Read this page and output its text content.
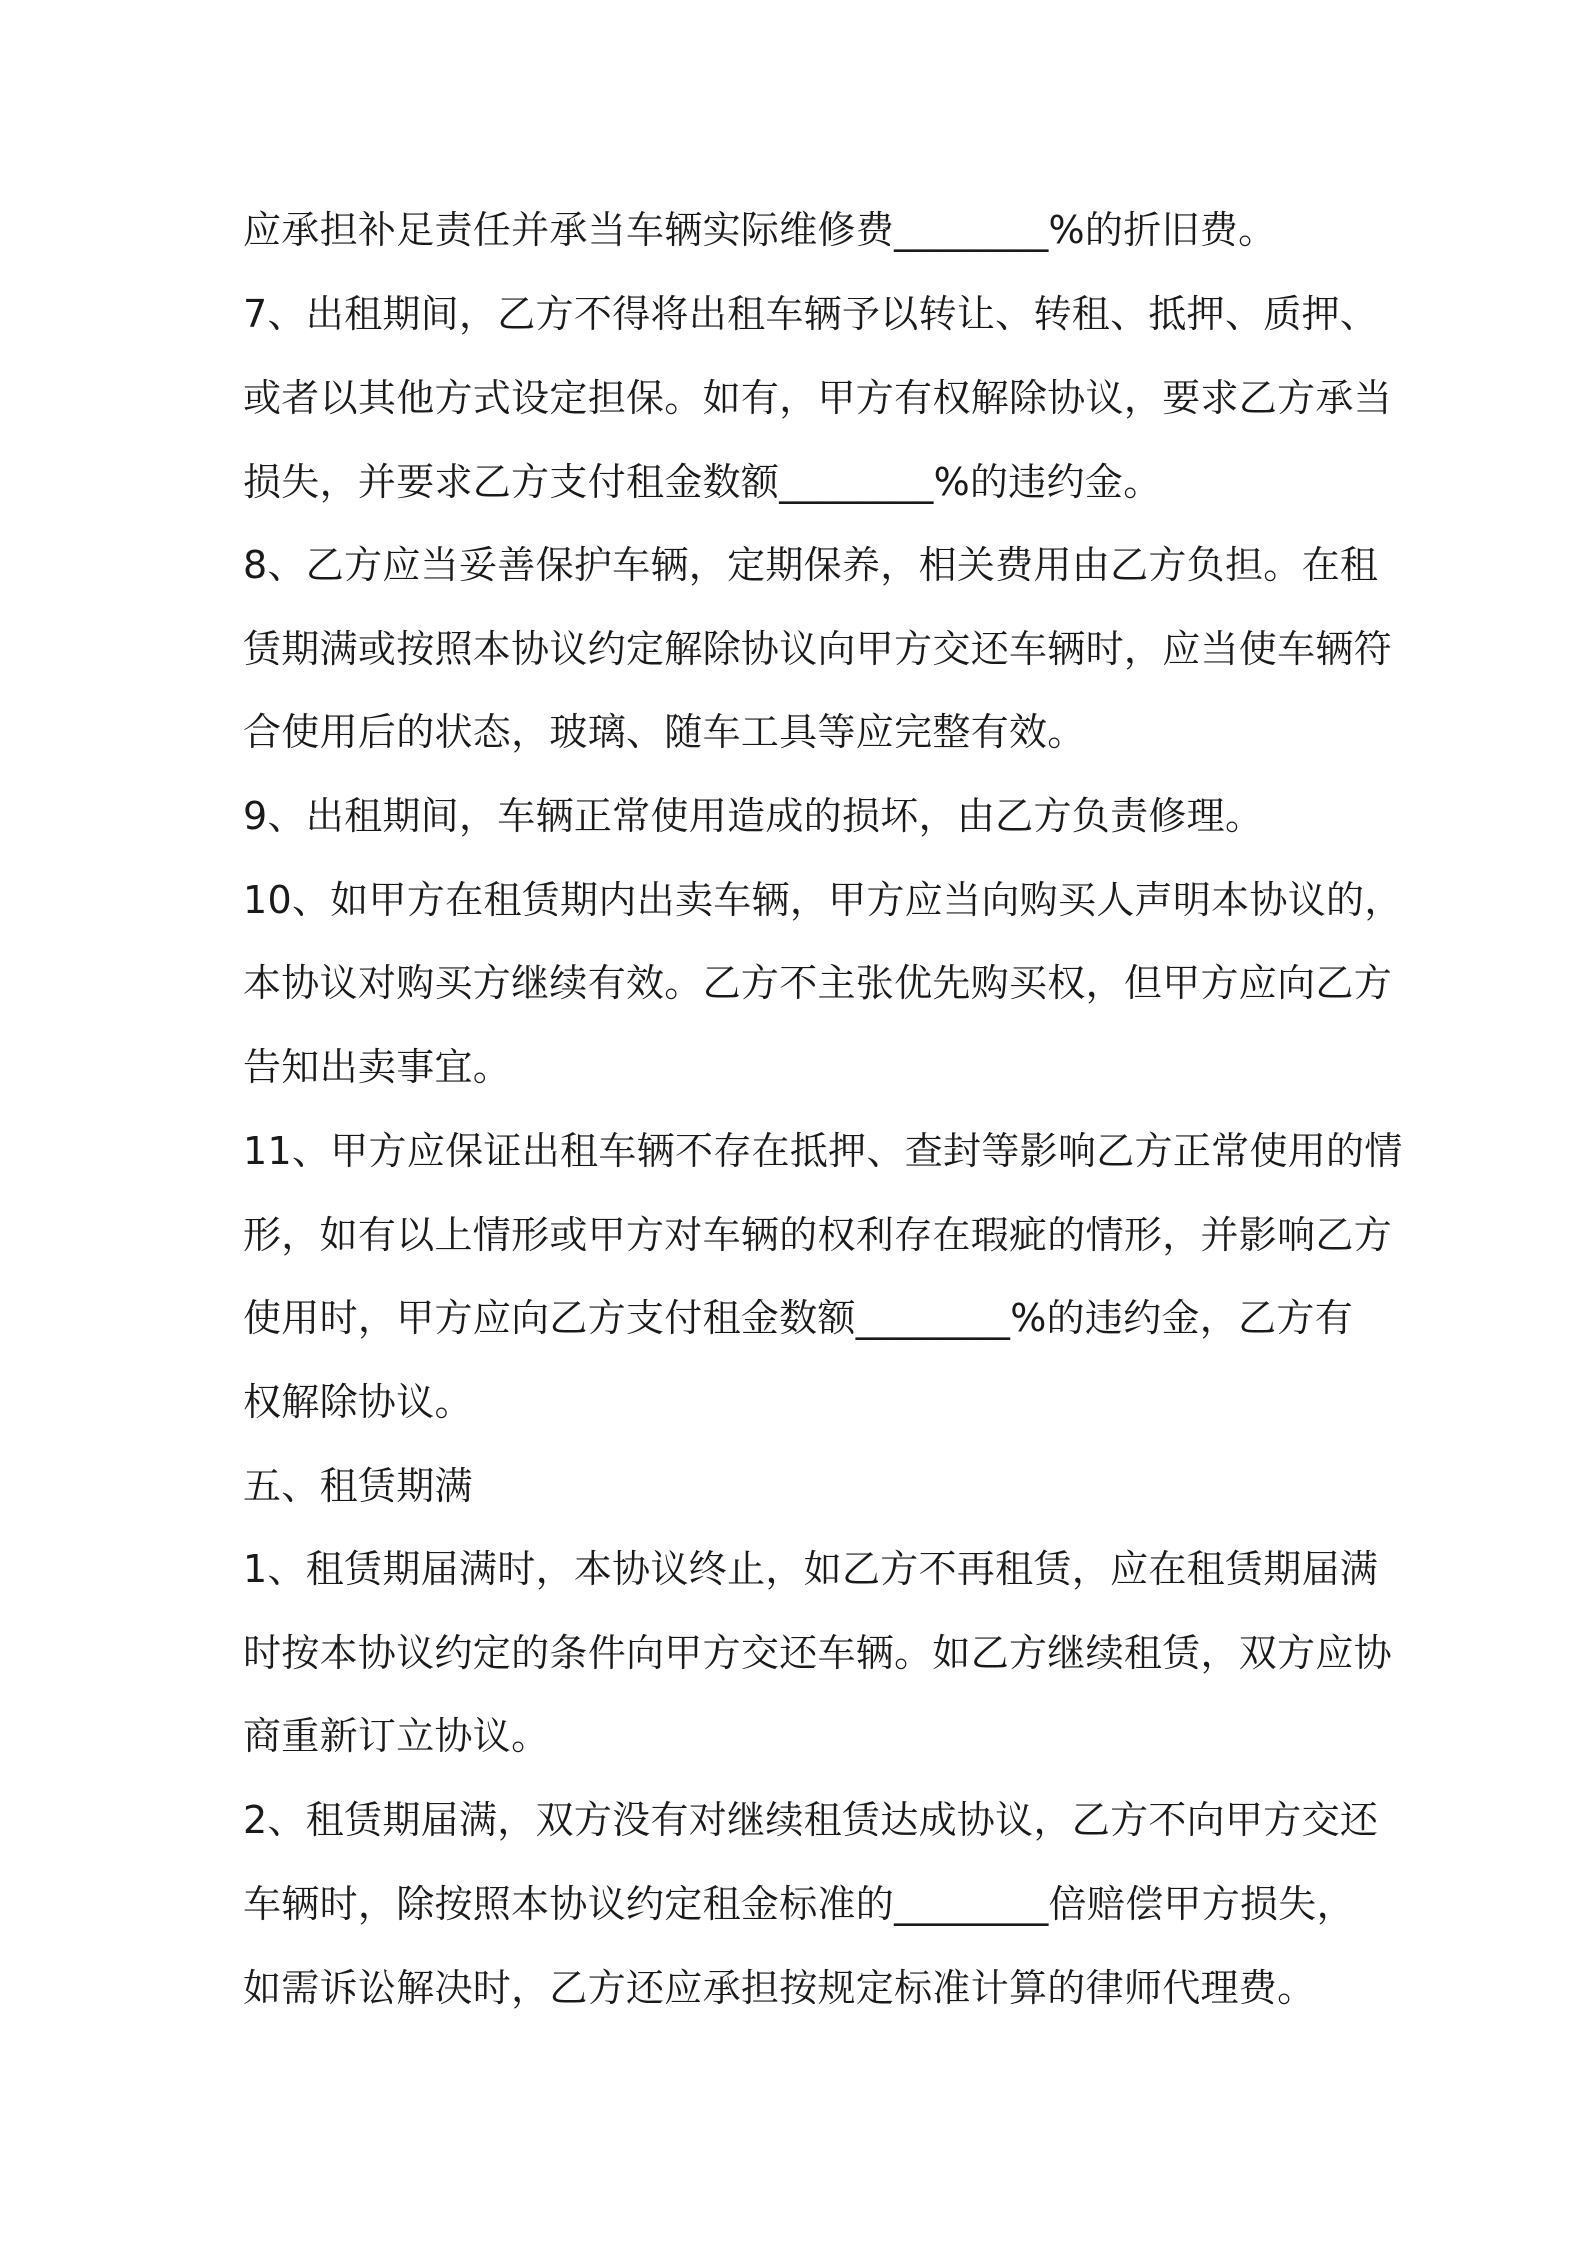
应承担补足责任并承当车辆实际维修费________%的折旧费。
7、出租期间，乙方不得将出租车辆予以转让、转租、抵押、质押、
或者以其他方式设定担保。如有，甲方有权解除协议，要求乙方承当
损失，并要求乙方支付租金数额________%的违约金。
8、乙方应当妥善保护车辆，定期保养，相关费用由乙方负担。在租
赁期满或按照本协议约定解除协议向甲方交还车辆时，应当使车辆符
合使用后的状态，玻璃、随车工具等应完整有效。
9、出租期间，车辆正常使用造成的损坏，由乙方负责修理。
10、如甲方在租赁期内出卖车辆，甲方应当向购买人声明本协议的，
本协议对购买方继续有效。乙方不主张优先购买权，但甲方应向乙方
告知出卖事宜。
11、甲方应保证出租车辆不存在抵押、查封等影响乙方正常使用的情
形，如有以上情形或甲方对车辆的权利存在瑕疵的情形，并影响乙方
使用时，甲方应向乙方支付租金数额________%的违约金，乙方有
权解除协议。
五、租赁期满
1、租赁期届满时，本协议终止，如乙方不再租赁，应在租赁期届满
时按本协议约定的条件向甲方交还车辆。如乙方继续租赁，双方应协
商重新订立协议。
2、租赁期届满，双方没有对继续租赁达成协议，乙方不向甲方交还
车辆时，除按照本协议约定租金标准的________倍赔偿甲方损失，
如需诉讼解决时，乙方还应承担按规定标准计算的律师代理费。
